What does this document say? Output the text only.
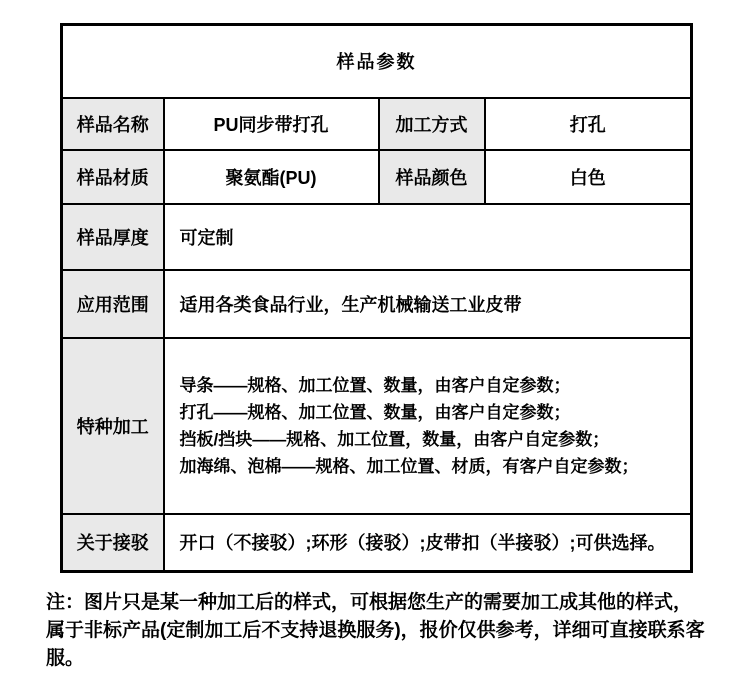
样品参数			
样品名称	PU同步带打孔	加工方式	打孔
样品材质	聚氨酯(PU)	样品颜色	白色
样品厚度	可定制		
应用范围	适用各类食品行业，生产机械输送工业皮带		
特种加工	导条——规格、加工位置、数量，由客户自定参数；
打孔——规格、加工位置、数量，由客户自定参数；
挡板/挡块——规格、加工位置，数量，由客户自定参数；
加海绵、泡棉——规格、加工位置、材质，有客户自定参数；		

关于接驳	开口（不接驳）;环形（接驳）;皮带扣（半接驳）;可供选择。		

注：图片只是某一种加工后的样式，可根据您生产的需要加工成其他的样式，属于非标产品(定制加工后不支持退换服务)，报价仅供参考，详细可直接联系客服。
